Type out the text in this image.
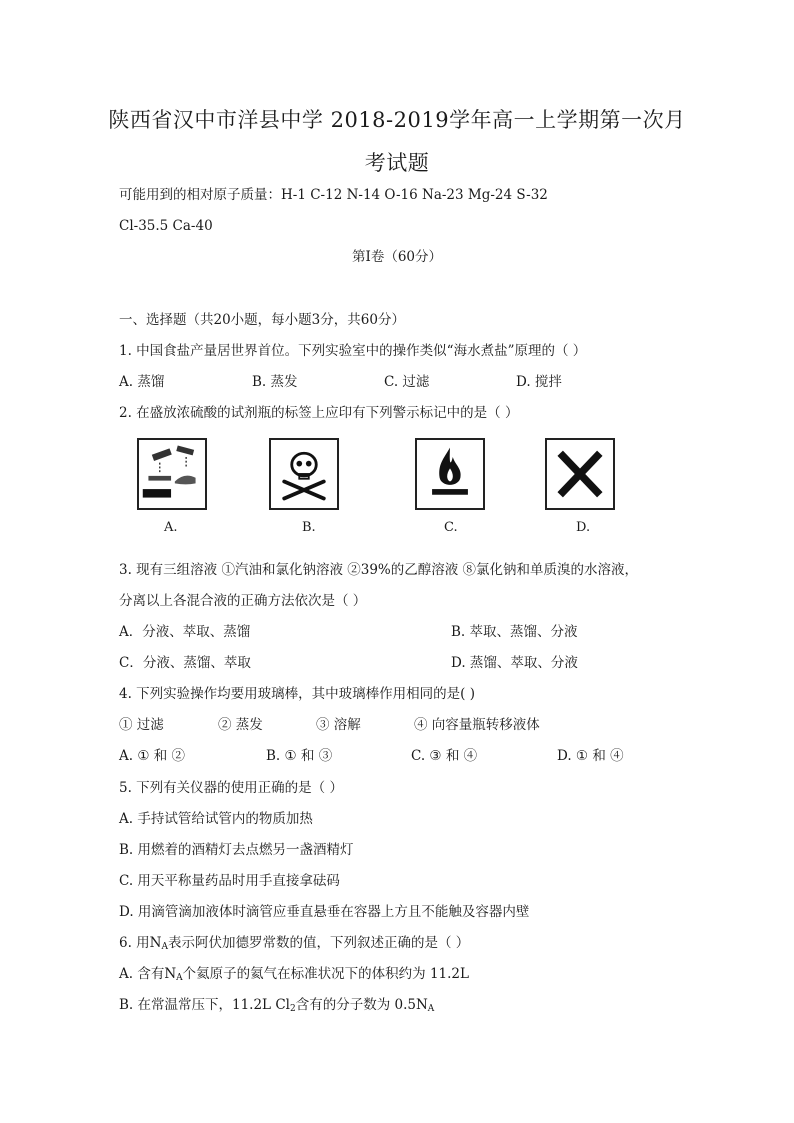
陕西省汉中市洋县中学 2018-2019学年高一上学期第一次月
考试题
可能用到的相对原子质量：H-1 C-12 N-14 O-16 Na-23 Mg-24 S-32
Cl-35.5 Ca-40
第Ⅰ卷（60分）
一、选择题（共20小题，每小题3分，共60分）
1. 中国食盐产量居世界首位。下列实验室中的操作类似“海水煮盐”原理的（ ）
A. 蒸馏	B. 蒸发	C. 过滤	D. 搅拌
2. 在盛放浓硫酸的试剂瓶的标签上应印有下列警示标记中的是（ ）
A.	B.	C.	D.
3. 现有三组溶液 ①汽油和氯化钠溶液 ②39%的乙醇溶液 ⑧氯化钠和单质溴的水溶液，
分离以上各混合液的正确方法依次是（ ）
A．分液、萃取、蒸馏	B. 萃取、蒸馏、分液
C．分液、蒸馏、萃取	D. 蒸馏、萃取、分液
4. 下列实验操作均要用玻璃棒，其中玻璃棒作用相同的是( )
① 过滤	② 蒸发	③ 溶解	④ 向容量瓶转移液体
A. ① 和 ②	B. ① 和 ③	C. ③ 和 ④	D. ① 和 ④
5. 下列有关仪器的使用正确的是（ ）
A. 手持试管给试管内的物质加热
B. 用燃着的酒精灯去点燃另一盏酒精灯
C. 用天平称量药品时用手直接拿砝码
D. 用滴管滴加液体时滴管应垂直悬垂在容器上方且不能触及容器内壁
6. 用$N_A$表示阿伏加德罗常数的值，下列叙述正确的是（ ）
A. 含有$N_A$个氦原子的氦气在标准状况下的体积约为 11.2L
B. 在常温常压下，11.2L $Cl_2$含有的分子数为 $0.5N_A$
